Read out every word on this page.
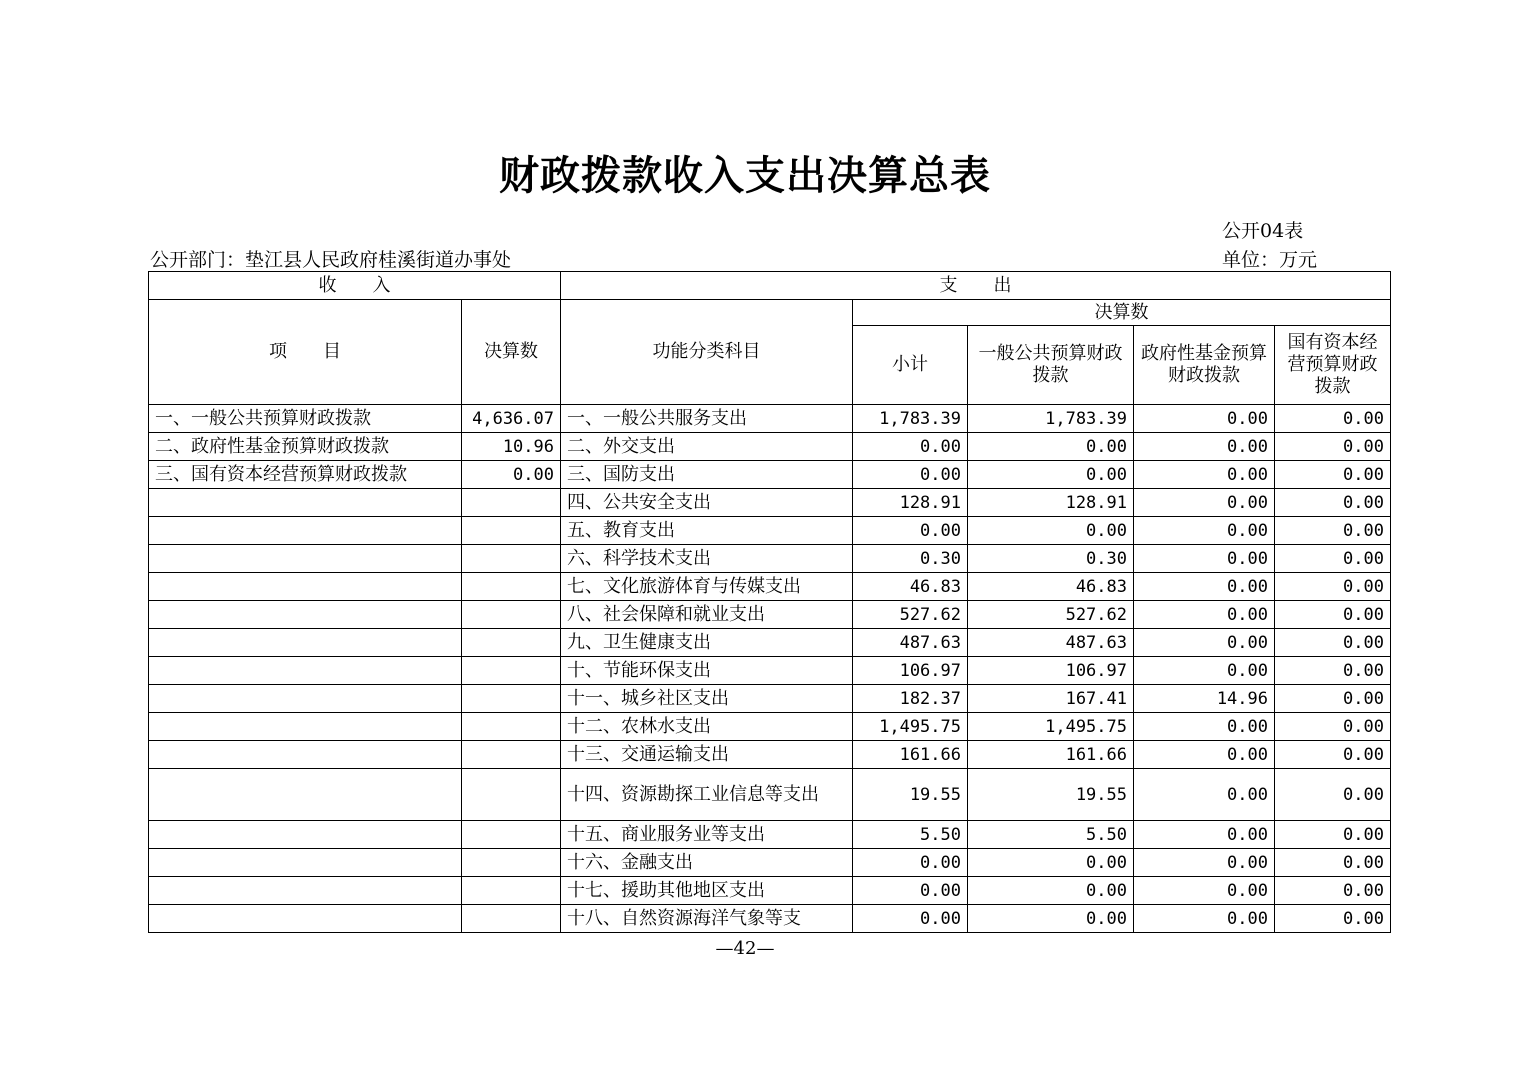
财政拨款收入支出决算总表
公开04表
公开部门：垫江县人民政府桂溪街道办事处	单位：万元
收　　入		支　　出				
项　　目	决算数	功能分类科目	决算数			
			小计	一般公共预算财政拨款	政府性基金预算财政拨款	国有资本经营预算财政拨款
一、一般公共预算财政拨款	4,636.07	一、一般公共服务支出	1,783.39	1,783.39	0.00	0.00
二、政府性基金预算财政拨款	10.96	二、外交支出	0.00	0.00	0.00	0.00
三、国有资本经营预算财政拨款	0.00	三、国防支出	0.00	0.00	0.00	0.00
		四、公共安全支出	128.91	128.91	0.00	0.00
		五、教育支出	0.00	0.00	0.00	0.00
		六、科学技术支出	0.30	0.30	0.00	0.00
		七、文化旅游体育与传媒支出	46.83	46.83	0.00	0.00
		八、社会保障和就业支出	527.62	527.62	0.00	0.00
		九、卫生健康支出	487.63	487.63	0.00	0.00
		十、节能环保支出	106.97	106.97	0.00	0.00
		十一、城乡社区支出	182.37	167.41	14.96	0.00
		十二、农林水支出	1,495.75	1,495.75	0.00	0.00
		十三、交通运输支出	161.66	161.66	0.00	0.00
		十四、资源勘探工业信息等支出	19.55	19.55	0.00	0.00
		十五、商业服务业等支出	5.50	5.50	0.00	0.00
		十六、金融支出	0.00	0.00	0.00	0.00
		十七、援助其他地区支出	0.00	0.00	0.00	0.00
		十八、自然资源海洋气象等支	0.00	0.00	0.00	0.00
—42—
